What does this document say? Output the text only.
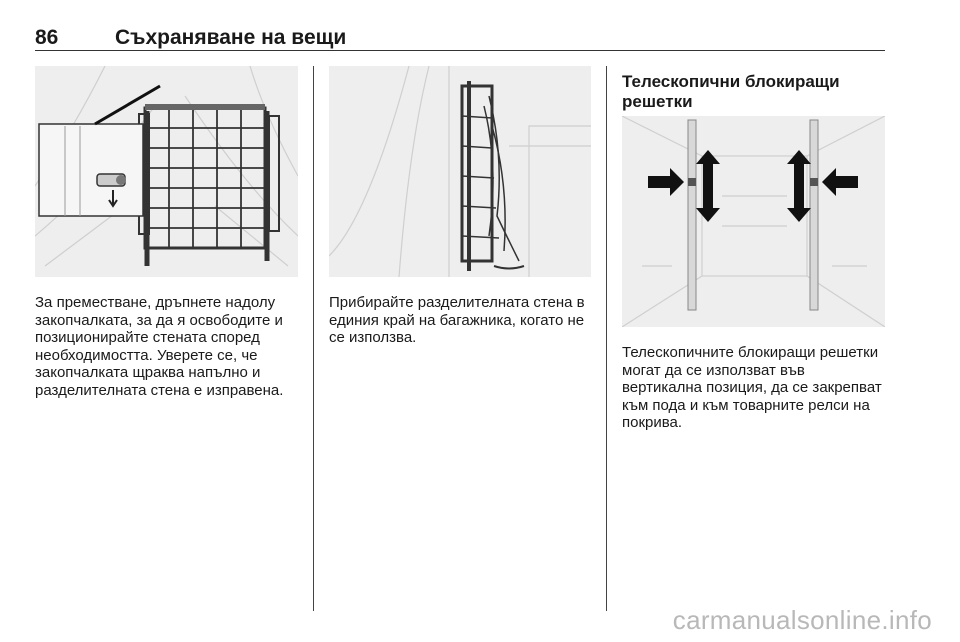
86	Съхраняване на вещи
За преместване, дръпнете надолу закопчалката, за да я освободите и позиционирайте стената според необходимостта. Уверете се, че закопчалката щраква напълно и разделителната стена е изправена.
Прибирайте разделителната стена в единия край на багажника, когато не се използва.
Телескопични блокиращи решетки
Телескопичните блокиращи решетки могат да се използват във вертикална позиция, да се закрепват към пода и към товарните релси на покрива.
carmanualsonline.info
